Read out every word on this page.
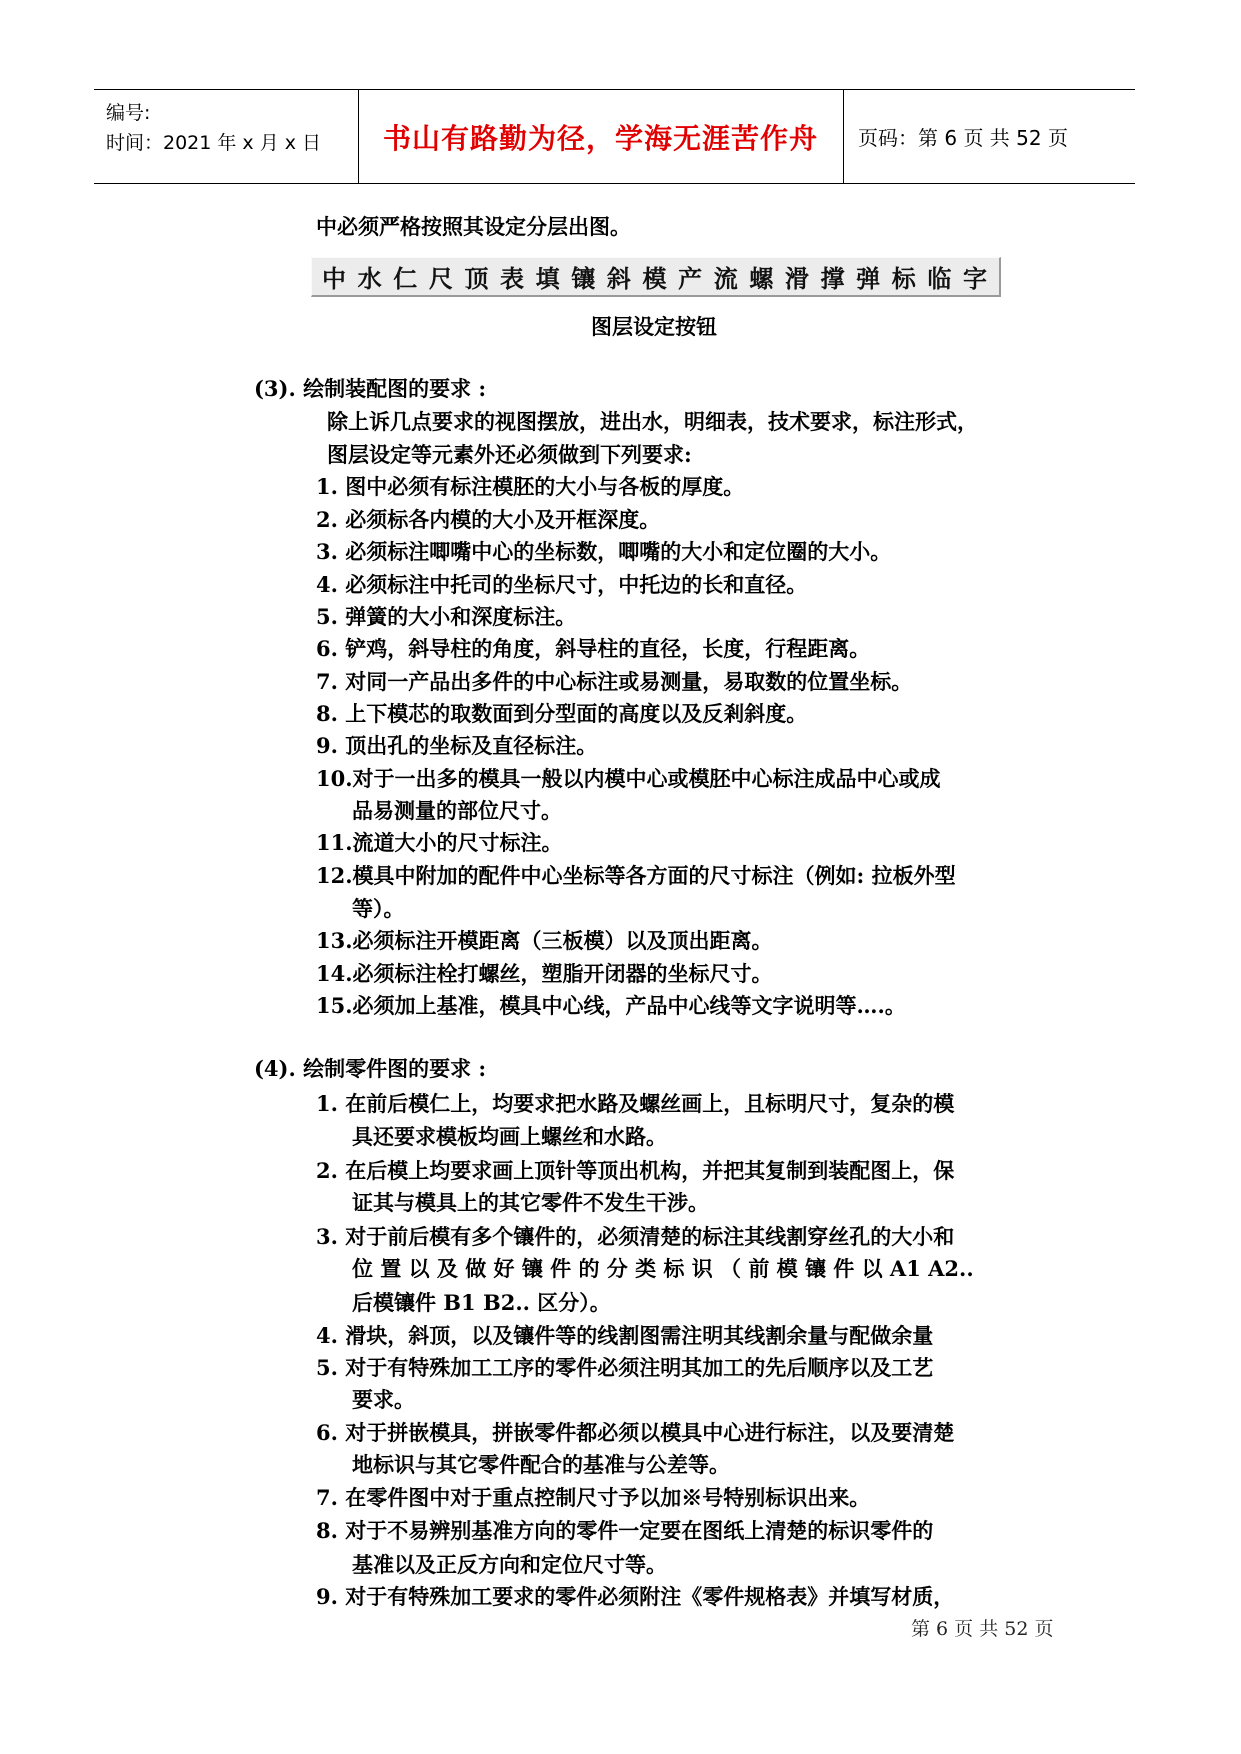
编号:
时间：2021 年 x 月 x 日	书山有路勤为径，学海无涯苦作舟	页码：第 6 页 共 52 页
中必须严格按照其设定分层出图。
中 水 仁 尺 顶 表 填 镶 斜 模 产 流 螺 滑 撑 弹 标 临 字
图层设定按钮
(3). 绘制装配图的要求 :
除上诉几点要求的视图摆放，进出水，明细表，技术要求，标注形式，
图层设定等元素外还必须做到下列要求:
1. 图中必须有标注模胚的大小与各板的厚度。
2. 必须标各内模的大小及开框深度。
3. 必须标注唧嘴中心的坐标数，唧嘴的大小和定位圈的大小。
4. 必须标注中托司的坐标尺寸，中托边的长和直径。
5. 弹簧的大小和深度标注。
6. 铲鸡，斜导柱的角度，斜导柱的直径，长度，行程距离。
7. 对同一产品出多件的中心标注或易测量，易取数的位置坐标。
8. 上下模芯的取数面到分型面的高度以及反剎斜度。
9. 顶出孔的坐标及直径标注。
10.对于一出多的模具一般以内模中心或模胚中心标注成品中心或成
品易测量的部位尺寸。
11.流道大小的尺寸标注。
12.模具中附加的配件中心坐标等各方面的尺寸标注（例如: 拉板外型
等）。
13.必须标注开模距离（三板模）以及顶出距离。
14.必须标注栓打螺丝，塑脂开闭器的坐标尺寸。
15.必须加上基准，模具中心线，产品中心线等文字说明等….。
(4). 绘制零件图的要求 :
1. 在前后模仁上，均要求把水路及螺丝画上，且标明尺寸，复杂的模
具还要求模板均画上螺丝和水路。
2. 在后模上均要求画上顶针等顶出机构，并把其复制到装配图上，保
证其与模具上的其它零件不发生干涉。
3. 对于前后模有多个镶件的，必须清楚的标注其线割穿丝孔的大小和
位 置 以 及 做 好 镶 件 的 分 类 标 识 （ 前 模 镶 件 以 A1 A2..
后模镶件 B1 B2.. 区分）。
4. 滑块，斜顶，以及镶件等的线割图需注明其线割余量与配做余量
5. 对于有特殊加工工序的零件必须注明其加工的先后顺序以及工艺
要求。
6. 对于拼嵌模具，拼嵌零件都必须以模具中心进行标注，以及要清楚
地标识与其它零件配合的基准与公差等。
7. 在零件图中对于重点控制尺寸予以加※号特别标识出来。
8. 对于不易辨别基准方向的零件一定要在图纸上清楚的标识零件的
基准以及正反方向和定位尺寸等。
9. 对于有特殊加工要求的零件必须附注《零件规格表》并填写材质，
第 6 页 共 52 页
